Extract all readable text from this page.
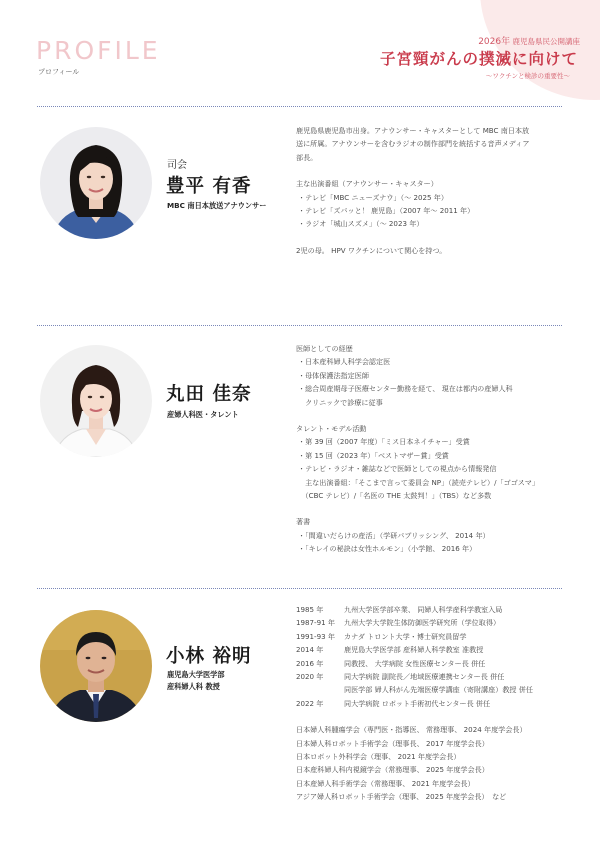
PROFILE
プロフィール
2026年 鹿児島県民公開講座
子宮頸がんの撲滅に向けて
〜ワクチンと検診の重要性〜
司会
豊平 有香
MBC 南日本放送アナウンサー

鹿児島県鹿児島市出身。アナウンサー・キャスターとして MBC 南日本放

送に所属。アナウンサーを含むラジオの制作部門を統括する音声メディア

部長。

主な出演番組（アナウンサー・キャスター）

・テレビ「MBC ニューズナウ」（〜 2025 年）

・テレビ「ズバッと！ 鹿児島」（2007 年〜 2011 年）

・ラジオ「城山スズメ」（〜 2023 年）

2児の母。 HPV ワクチンについて関心を持つ。

丸田 佳奈
産婦人科医・タレント

医師としての経歴

・日本産科婦人科学会認定医

・母体保護法指定医師

・総合周産期母子医療センター勤務を経て、 現在は都内の産婦人科

　クリニックで診療に従事

タレント・モデル活動

・第 39 回（2007 年度）「ミス日本ネイチャー」受賞

・第 15 回（2023 年）「ベストマザー賞」受賞

・テレビ・ラジオ・雑誌などで医師としての視点から情報発信

　主な出演番組：「そこまで言って委員会 NP」（読売テレビ）/「ゴゴスマ」

　（CBC テレビ）/「名医の THE 太鼓判！」（TBS）など多数

著書

・「間違いだらけの産活」（学研パブリッシング、 2014 年）

・「キレイの秘訣は女性ホルモン」（小学館、 2016 年）

小林 裕明
鹿児島大学医学部
産科婦人科 教授
1985 年	九州大学医学部卒業、 同婦人科学産科学教室入局
1987-91 年	九州大学大学院生体防御医学研究所（学位取得）
1991-93 年	カナダ トロント大学・博士研究員留学
2014 年	鹿児島大学医学部 産科婦人科学教室 准教授
2016 年	同教授、 大学病院 女性医療センター長 併任
2020 年	同大学病院 副院長／地域医療連携センター長 併任
同医学部 婦人科がん先端医療学講座（寄附講座）教授 併任
2022 年	同大学病院 ロボット手術初代センター長 併任

日本婦人科腫瘍学会（専門医・指導医、 常務理事、 2024 年度学会長）

日本婦人科ロボット手術学会（理事長、 2017 年度学会長）

日本ロボット外科学会（理事、 2021 年度学会長）

日本産科婦人科内視鏡学会（常務理事、 2025 年度学会長）

日本産婦人科手術学会（常務理事、 2021 年度学会長）

アジア婦人科ロボット手術学会（理事、 2025 年度学会長）　など
